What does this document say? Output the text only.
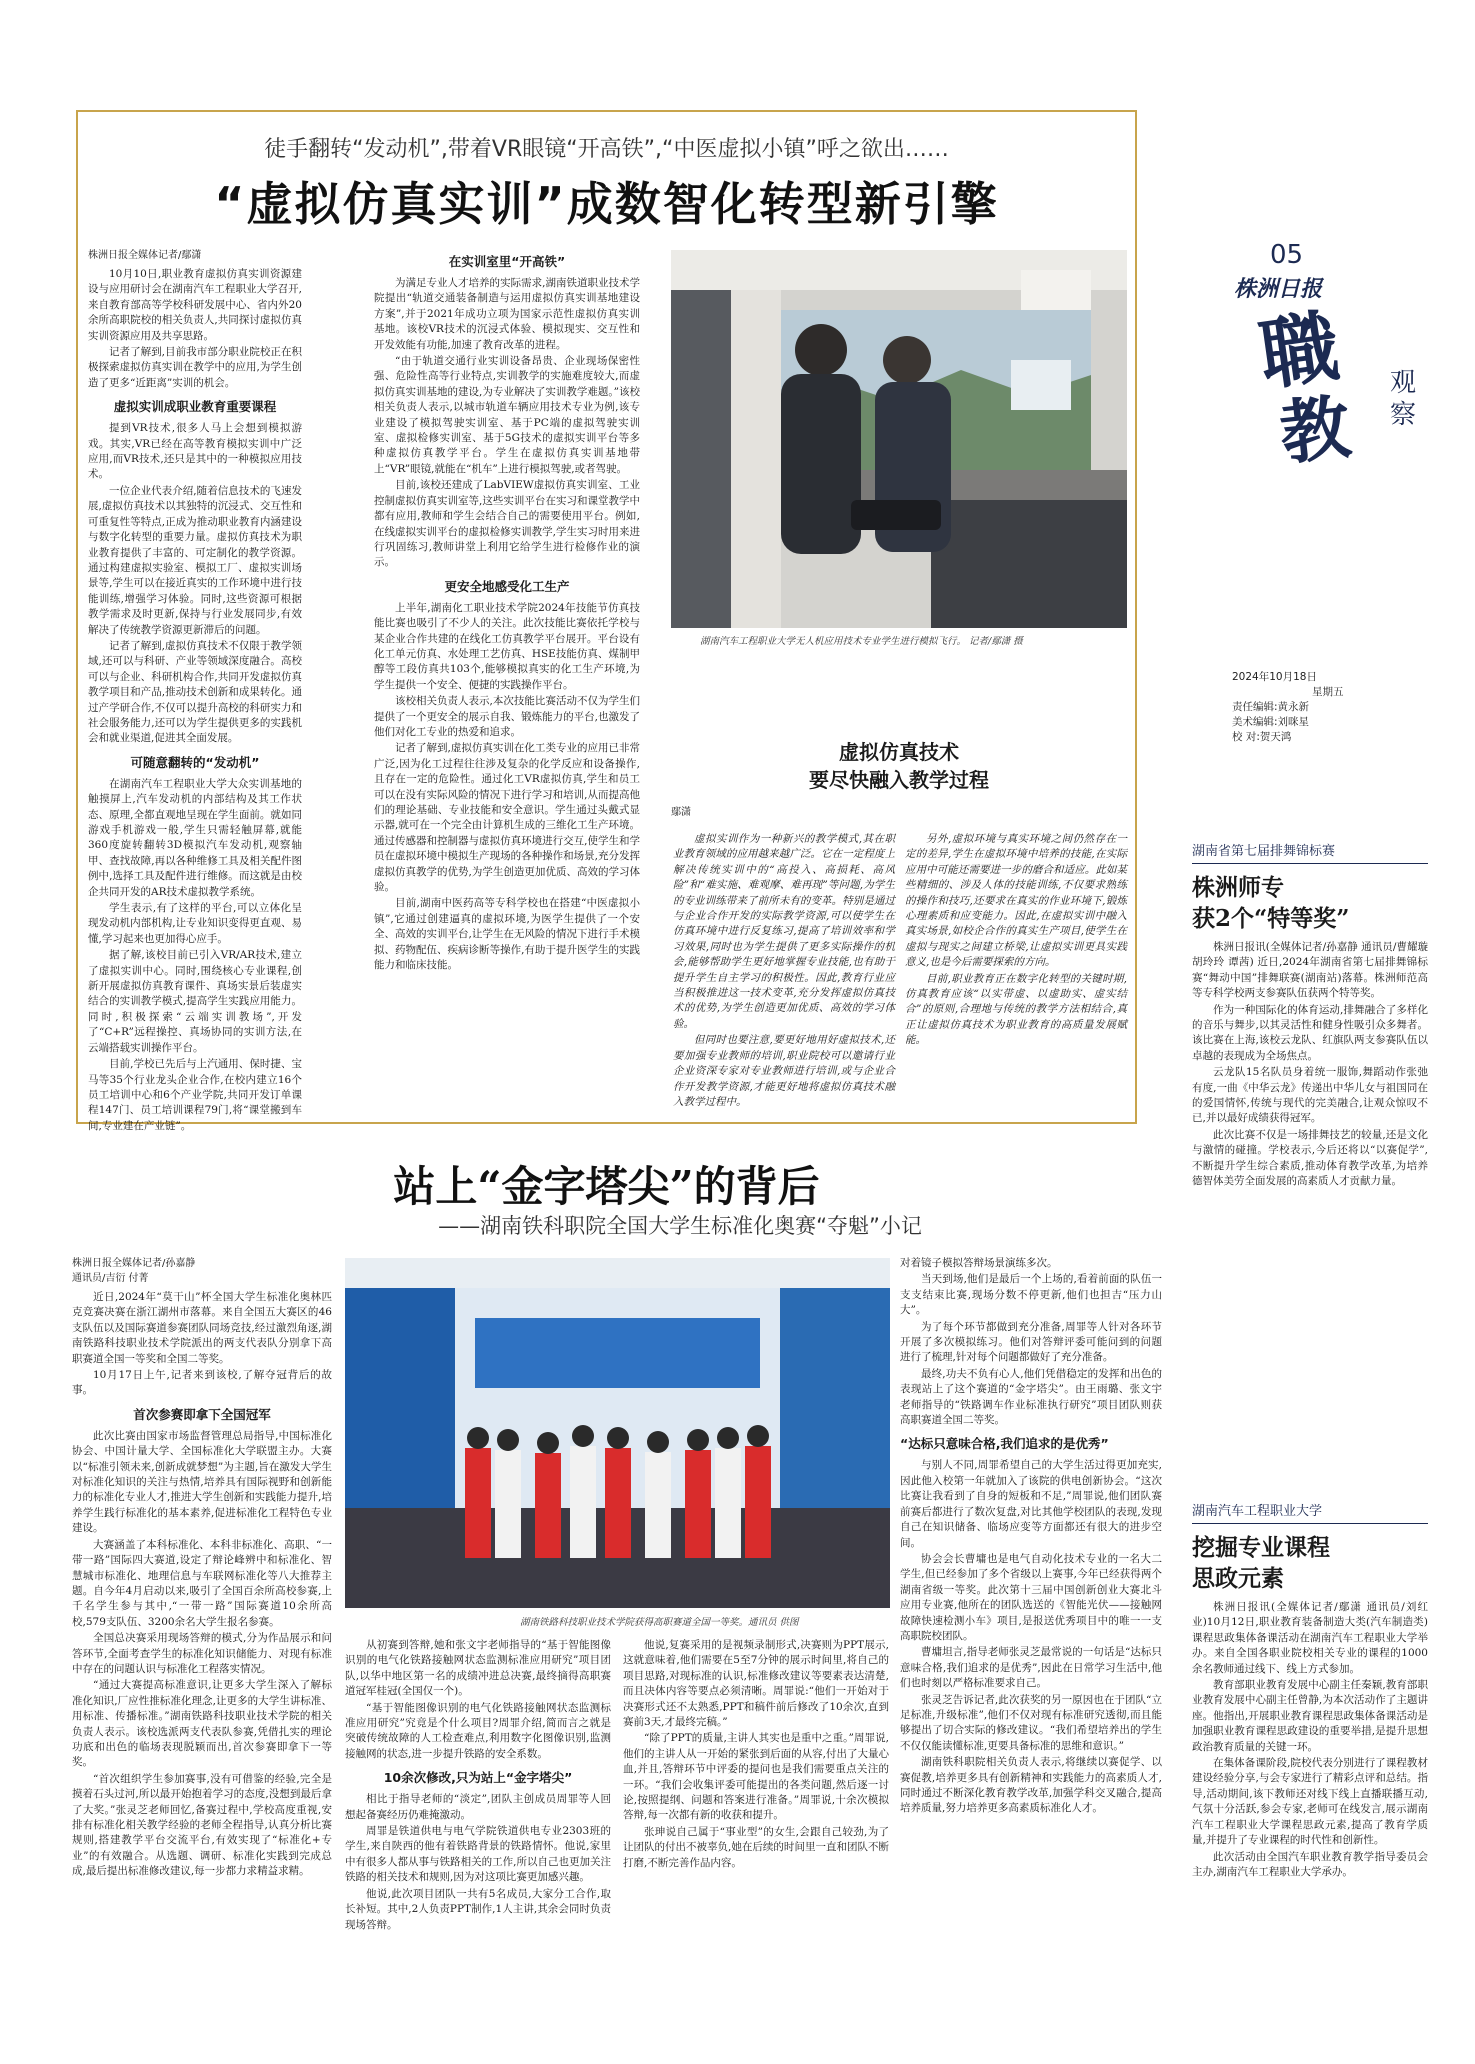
徒手翻转“发动机”,带着VR眼镜“开高铁”,“中医虚拟小镇”呼之欲出……
“虚拟仿真实训”成数智化转型新引擎
株洲日报全媒体记者/鄢潇
10月10日,职业教育虚拟仿真实训资源建设与应用研讨会在湖南汽车工程职业大学召开,来自教育部高等学校科研发展中心、省内外20余所高职院校的相关负责人,共同探讨虚拟仿真实训资源应用及共享思路。
记者了解到,目前我市部分职业院校正在积极探索虚拟仿真实训在教学中的应用,为学生创造了更多“近距离”实训的机会。
虚拟实训成职业教育重要课程
提到VR技术,很多人马上会想到模拟游戏。其实,VR已经在高等教育模拟实训中广泛应用,而VR技术,还只是其中的一种模拟应用技术。
一位企业代表介绍,随着信息技术的飞速发展,虚拟仿真技术以其独特的沉浸式、交互性和可重复性等特点,正成为推动职业教育内涵建设与数字化转型的重要力量。虚拟仿真技术为职业教育提供了丰富的、可定制化的教学资源。通过构建虚拟实验室、模拟工厂、虚拟实训场景等,学生可以在接近真实的工作环境中进行技能训练,增强学习体验。同时,这些资源可根据教学需求及时更新,保持与行业发展同步,有效解决了传统教学资源更新滞后的问题。
记者了解到,虚拟仿真技术不仅限于教学领域,还可以与科研、产业等领域深度融合。高校可以与企业、科研机构合作,共同开发虚拟仿真教学项目和产品,推动技术创新和成果转化。通过产学研合作,不仅可以提升高校的科研实力和社会服务能力,还可以为学生提供更多的实践机会和就业渠道,促进其全面发展。
可随意翻转的“发动机”
在湖南汽车工程职业大学大众实训基地的触摸屏上,汽车发动机的内部结构及其工作状态、原理,全都直观地呈现在学生面前。就如同游戏手机游戏一般,学生只需轻触屏幕,就能360度旋转翻转3D模拟汽车发动机,观察轴甲、查找故障,再以各种维修工具及相关配件图例中,选择工具及配件进行维修。而这就是由校企共同开发的AR技术虚拟教学系统。
学生表示,有了这样的平台,可以立体化呈现发动机内部机构,让专业知识变得更直观、易懂,学习起来也更加得心应手。
据了解,该校目前已引入VR/AR技术,建立了虚拟实训中心。同时,围绕核心专业课程,创新开展虚拟仿真教育课件、真场实景后装虚实结合的实训教学模式,提高学生实践应用能力。同时,积极探索“云端实训教场”,开发了“C+R”远程操控、真场协同的实训方法,在云端搭载实训操作平台。
目前,学校已先后与上汽通用、保时捷、宝马等35个行业龙头企业合作,在校内建立16个员工培训中心和6个产业学院,共同开发订单课程147门、员工培训课程79门,将“课堂搬到车间,专业建在产业链”。
在实训室里“开高铁”
为满足专业人才培养的实际需求,湖南铁道职业技术学院提出“轨道交通装备制造与运用虚拟仿真实训基地建设方案”,并于2021年成功立项为国家示范性虚拟仿真实训基地。该校VR技术的沉浸式体验、模拟现实、交互性和开发效能有功能,加速了教育改革的进程。
“由于轨道交通行业实训设备昂贵、企业现场保密性强、危险性高等行业特点,实训教学的实施难度较大,而虚拟仿真实训基地的建设,为专业解决了实训教学难题。”该校相关负责人表示,以城市轨道车辆应用技术专业为例,该专业建设了模拟驾驶实训室、基于PC端的虚拟驾驶实训室、虚拟检修实训室、基于5G技术的虚拟实训平台等多种虚拟仿真教学平台。学生在虚拟仿真实训基地带上“VR”眼镜,就能在“机车”上进行模拟驾驶,或者驾驶。
目前,该校还建成了LabVIEW虚拟仿真实训室、工业控制虚拟仿真实训室等,这些实训平台在实习和课堂教学中都有应用,教师和学生会结合自己的需要使用平台。例如,在线虚拟实训平台的虚拟检修实训教学,学生实习时用来进行巩固练习,教师讲堂上利用它给学生进行检修作业的演示。
更安全地感受化工生产
上半年,湖南化工职业技术学院2024年技能节仿真技能比赛也吸引了不少人的关注。此次技能比赛依托学校与某企业合作共建的在线化工仿真教学平台展开。平台设有化工单元仿真、水处理工艺仿真、HSE技能仿真、煤制甲醇等工段仿真共103个,能够模拟真实的化工生产环境,为学生提供一个安全、便捷的实践操作平台。
该校相关负责人表示,本次技能比赛活动不仅为学生们提供了一个更安全的展示自我、锻炼能力的平台,也激发了他们对化工专业的热爱和追求。
记者了解到,虚拟仿真实训在化工类专业的应用已非常广泛,因为化工过程往往涉及复杂的化学反应和设备操作,且存在一定的危险性。通过化工VR虚拟仿真,学生和员工可以在没有实际风险的情况下进行学习和培训,从而提高他们的理论基础、专业技能和安全意识。学生通过头戴式显示器,就可在一个完全由计算机生成的三维化工生产环境。通过传感器和控制器与虚拟仿真环境进行交互,使学生和学员在虚拟环境中模拟生产现场的各种操作和场景,充分发挥虚拟仿真教学的优势,为学生创造更加优质、高效的学习体验。
目前,湖南中医药高等专科学校也在搭建“中医虚拟小镇”,它通过创建逼真的虚拟环境,为医学生提供了一个安全、高效的实训平台,让学生在无风险的情况下进行手术模拟、药物配伍、疾病诊断等操作,有助于提升医学生的实践能力和临床技能。
湖南汽车工程职业大学无人机应用技术专业学生进行模拟飞行。 记者/鄢潇 摄
虚拟仿真技术
要尽快融入教学过程
鄢潇
虚拟实训作为一种新兴的教学模式,其在职业教育领域的应用越来越广泛。它在一定程度上解决传统实训中的“高投入、高损耗、高风险”和“难实施、难观摩、难再现”等问题,为学生的专业训练带来了前所未有的变革。特别是通过与企业合作开发的实际教学资源,可以使学生在仿真环境中进行反复练习,提高了培训效率和学习效果,同时也为学生提供了更多实际操作的机会,能够帮助学生更好地掌握专业技能,也有助于提升学生自主学习的积极性。因此,教育行业应当积极推进这一技术变革,充分发挥虚拟仿真技术的优势,为学生创造更加优质、高效的学习体验。
但同时也要注意,要更好地用好虚拟技术,还要加强专业教师的培训,职业院校可以邀请行业企业资深专家对专业教师进行培训,或与企业合作开发教学资源,才能更好地将虚拟仿真技术融入教学过程中。
另外,虚拟环境与真实环境之间仍然存在一定的差异,学生在虚拟环境中培养的技能,在实际应用中可能还需要进一步的磨合和适应。此如某些精细的、涉及人体的技能训练,不仅要求熟练的操作和技巧,还要求在真实的作业环境下,锻炼心理素质和应变能力。因此,在虚拟实训中融入真实场景,如校企合作的真实生产项目,使学生在虚拟与现实之间建立桥梁,让虚拟实训更具实践意义,也是今后需要探索的方向。
目前,职业教育正在数字化转型的关键时期,仿真教育应该“以实带虚、以虚助实、虚实结合”的原则,合理地与传统的教学方法相结合,真正让虚拟仿真技术为职业教育的高质量发展赋能。
站上“金字塔尖”的背后
——湖南铁科职院全国大学生标准化奥赛“夺魁”小记
株洲日报全媒体记者/孙嘉静
通讯员/吉衍 付菁
近日,2024年“莫干山”杯全国大学生标准化奥林匹克竞赛决赛在浙江湖州市落幕。来自全国五大赛区的46支队伍以及国际赛道参赛团队同场竞技,经过激烈角逐,湖南铁路科技职业技术学院派出的两支代表队分别拿下高职赛道全国一等奖和全国二等奖。
10月17日上午,记者来到该校,了解夺冠背后的故事。
首次参赛即拿下全国冠军
此次比赛由国家市场监督管理总局指导,中国标准化协会、中国计量大学、全国标准化大学联盟主办。大赛以“标准引领未来,创新成就梦想”为主题,旨在激发大学生对标准化知识的关注与热情,培养具有国际视野和创新能力的标准化专业人才,推进大学生创新和实践能力提升,培养学生践行标准化的基本素养,促进标准化工程特色专业建设。
大赛涵盖了本科标准化、本科非标准化、高职、“一带一路”国际四大赛道,设定了辩论峰辨中和标准化、智慧城市标准化、地理信息与车联网标准化等八大推荐主题。自今年4月启动以来,吸引了全国百余所高校参赛,上千名学生参与其中,“一带一路”国际赛道10余所高校,579支队伍、3200余名大学生报名参赛。
全国总决赛采用现场答辩的模式,分为作品展示和问答环节,全面考查学生的标准化知识储能力、对现有标准中存在的问题认识与标准化工程落实情况。
“通过大赛提高标准意识,让更多大学生深入了解标准化知识,厂应性推标准化理念,让更多的大学生讲标准、用标准、传播标准。”湖南铁路科技职业技术学院的相关负责人表示。该校选派两支代表队参赛,凭借扎实的理论功底和出色的临场表现脱颖而出,首次参赛即拿下一等奖。
“首次组织学生参加赛事,没有可借鉴的经验,完全是摸着石头过河,所以最开始抱着学习的态度,没想到最后拿了大奖。”张灵芝老师回忆,备赛过程中,学校高度重视,安排有标准化相关教学经验的老师全程指导,认真分析比赛规则,搭建教学平台交流平台,有效实现了“标准化+专业”的有效融合。从选题、调研、标准化实践到完成总成,最后提出标准修改建议,每一步都力求精益求精。
湖南铁路科技职业技术学院获得高职赛道全国一等奖。通讯员 供图
从初赛到答辩,她和张文宇老师指导的“基于智能图像识别的电气化铁路接触网状态监测标准应用研究”项目团队,以华中地区第一名的成绩冲进总决赛,最终摘得高职赛道冠军桂冠(全国仅一个)。
“基于智能图像识别的电气化铁路接触网状态监测标准应用研究”究竟是个什么项目?周罪介绍,简而言之就是突破传统故障的人工检查难点,利用数字化图像识别,监测接触网的状态,进一步提升铁路的安全系数。
10余次修改,只为站上“金字塔尖”
相比于指导老师的“淡定”,团队主创成员周罪等人回想起备赛经历仍难掩激动。
周罪是铁道供电与电气学院铁道供电专业2303班的学生,来自陕西的他有着铁路背景的铁路情怀。他说,家里中有很多人都从事与铁路相关的工作,所以自己也更加关注铁路的相关技术和规则,因为对这项比赛更加感兴趣。
他说,此次项目团队一共有5名成员,大家分工合作,取长补短。其中,2人负责PPT制作,1人主讲,其余会同时负责现场答辩。
他说,复赛采用的是视频录制形式,决赛则为PPT展示,这就意味着,他们需要在5至7分钟的展示时间里,将自己的项目思路,对现标准的认识,标准修改建议等要素表达清楚,而且决体内容等要点必须清晰。周罪说:“他们一开始对于决赛形式还不太熟悉,PPT和稿件前后修改了10余次,直到赛前3天,才最终完稿。”
“除了PPT的质量,主讲人其实也是重中之重。”周罪说,他们的主讲人从一开始的紧张到后面的从容,付出了大量心血,并且,答辩环节中评委的提问也是我们需要重点关注的一环。“我们会收集评委可能提出的各类问题,然后逐一讨论,按照提纲、问题和答案进行准备。”周罪说,十余次模拟答辩,每一次都有新的收获和提升。
张珅说自己属于“事业型”的女生,会跟自己较劲,为了让团队的付出不被辜负,她在后续的时间里一直和团队不断打磨,不断完善作品内容。
对着镜子模拟答辩场景演练多次。
当天到场,他们是最后一个上场的,看着前面的队伍一支支结束比赛,现场分数不停更新,他们也担吉“压力山大”。
为了每个环节都做到充分准备,周罪等人针对各环节开展了多次模拟练习。他们对答辩评委可能问到的问题进行了梳理,针对每个问题都做好了充分准备。
最终,功夫不负有心人,他们凭借稳定的发挥和出色的表现站上了这个赛道的“金字塔尖”。由王雨璐、张文宇老师指导的“铁路调车作业标准执行研究”项目团队则获高职赛道全国二等奖。
“达标只意味合格,我们追求的是优秀”
与别人不同,周罪希望自己的大学生活过得更加充实,因此他入校第一年就加入了该院的供电创新协会。“这次比赛让我看到了自身的短板和不足,”周罪说,他们团队赛前赛后都进行了数次复盘,对比其他学校团队的表现,发现自己在知识储备、临场应变等方面都还有很大的进步空间。
协会会长曹墉也是电气自动化技术专业的一名大二学生,但已经参加了多个省级以上赛事,今年已经获得两个湖南省级一等奖。此次第十三届中国创新创业大赛北斗应用专业赛,他所在的团队选送的《智能光伏——接触网故障快速检测小车》项目,是报送优秀项目中的唯一一支高职院校团队。
曹墉坦言,指导老师张灵芝最常说的一句话是“达标只意味合格,我们追求的是优秀”,因此在日常学习生活中,他们也时刻以严格标准要求自己。
张灵芝告诉记者,此次获奖的另一原因也在于团队“立足标准,升级标准”,他们不仅对现有标准研究透彻,而且能够提出了切合实际的修改建议。“我们希望培养出的学生不仅仅能读懂标准,更要具备标准的思维和意识。”
湖南铁科职院相关负责人表示,将继续以赛促学、以赛促教,培养更多具有创新精神和实践能力的高素质人才,同时通过不断深化教育教学改革,加强学科交叉融合,提高培养质量,努力培养更多高素质标准化人才。
05
株洲日报
職
教
观察
2024年10月18日
星期五
责任编辑:黄永新
美术编辑:刘咪星
校 对:贺天鸿
湖南省第七届排舞锦标赛
株洲师专
获2个“特等奖”
株洲日报讯(全媒体记者/孙嘉静 通讯员/曹耀璇 胡玲玲 谭茜) 近日,2024年湖南省第七届排舞锦标赛“舞动中国”排舞联赛(湖南站)落幕。株洲师范高等专科学校两支参赛队伍获两个特等奖。
作为一种国际化的体育运动,排舞融合了多样化的音乐与舞步,以其灵活性和健身性吸引众多舞者。该比赛在上海,该校云龙队、红旗队两支参赛队伍以卓越的表现成为全场焦点。
云龙队15名队员身着统一服饰,舞蹈动作张弛有度,一曲《中华云龙》传递出中华儿女与祖国同在的爱国情怀,传统与现代的完美融合,让观众惊叹不已,并以最好成绩获得冠军。
此次比赛不仅是一场排舞技艺的较量,还是文化与激情的碰撞。学校表示,今后还将以“以赛促学”,不断提升学生综合素质,推动体育教学改革,为培养德智体美劳全面发展的高素质人才贡献力量。
湖南汽车工程职业大学
挖掘专业课程
思政元素
株洲日报讯(全媒体记者/鄢潇 通讯员/刘红业)10月12日,职业教育装备制造大类(汽车制造类)课程思政集体备课活动在湖南汽车工程职业大学举办。来自全国各职业院校相关专业的课程的1000余名教师通过线下、线上方式参加。
教育部职业教育发展中心副主任秦颖,教育部职业教育发展中心副主任曾静,为本次活动作了主题讲座。他指出,开展职业教育课程思政集体备课活动是加强职业教育课程思政建设的重要举措,是提升思想政治教育质量的关键一环。
在集体备课阶段,院校代表分别进行了课程教材建设经验分享,与会专家进行了精彩点评和总结。指导,活动期间,该下教师还对线下线上直播联播互动,气氛十分活跃,参会专家,老师可在线发言,展示湖南汽车工程职业大学课程思政元素,提高了教育学质量,并提升了专业课程的时代性和创新性。
此次活动由全国汽车职业教育教学指导委员会主办,湖南汽车工程职业大学承办。
